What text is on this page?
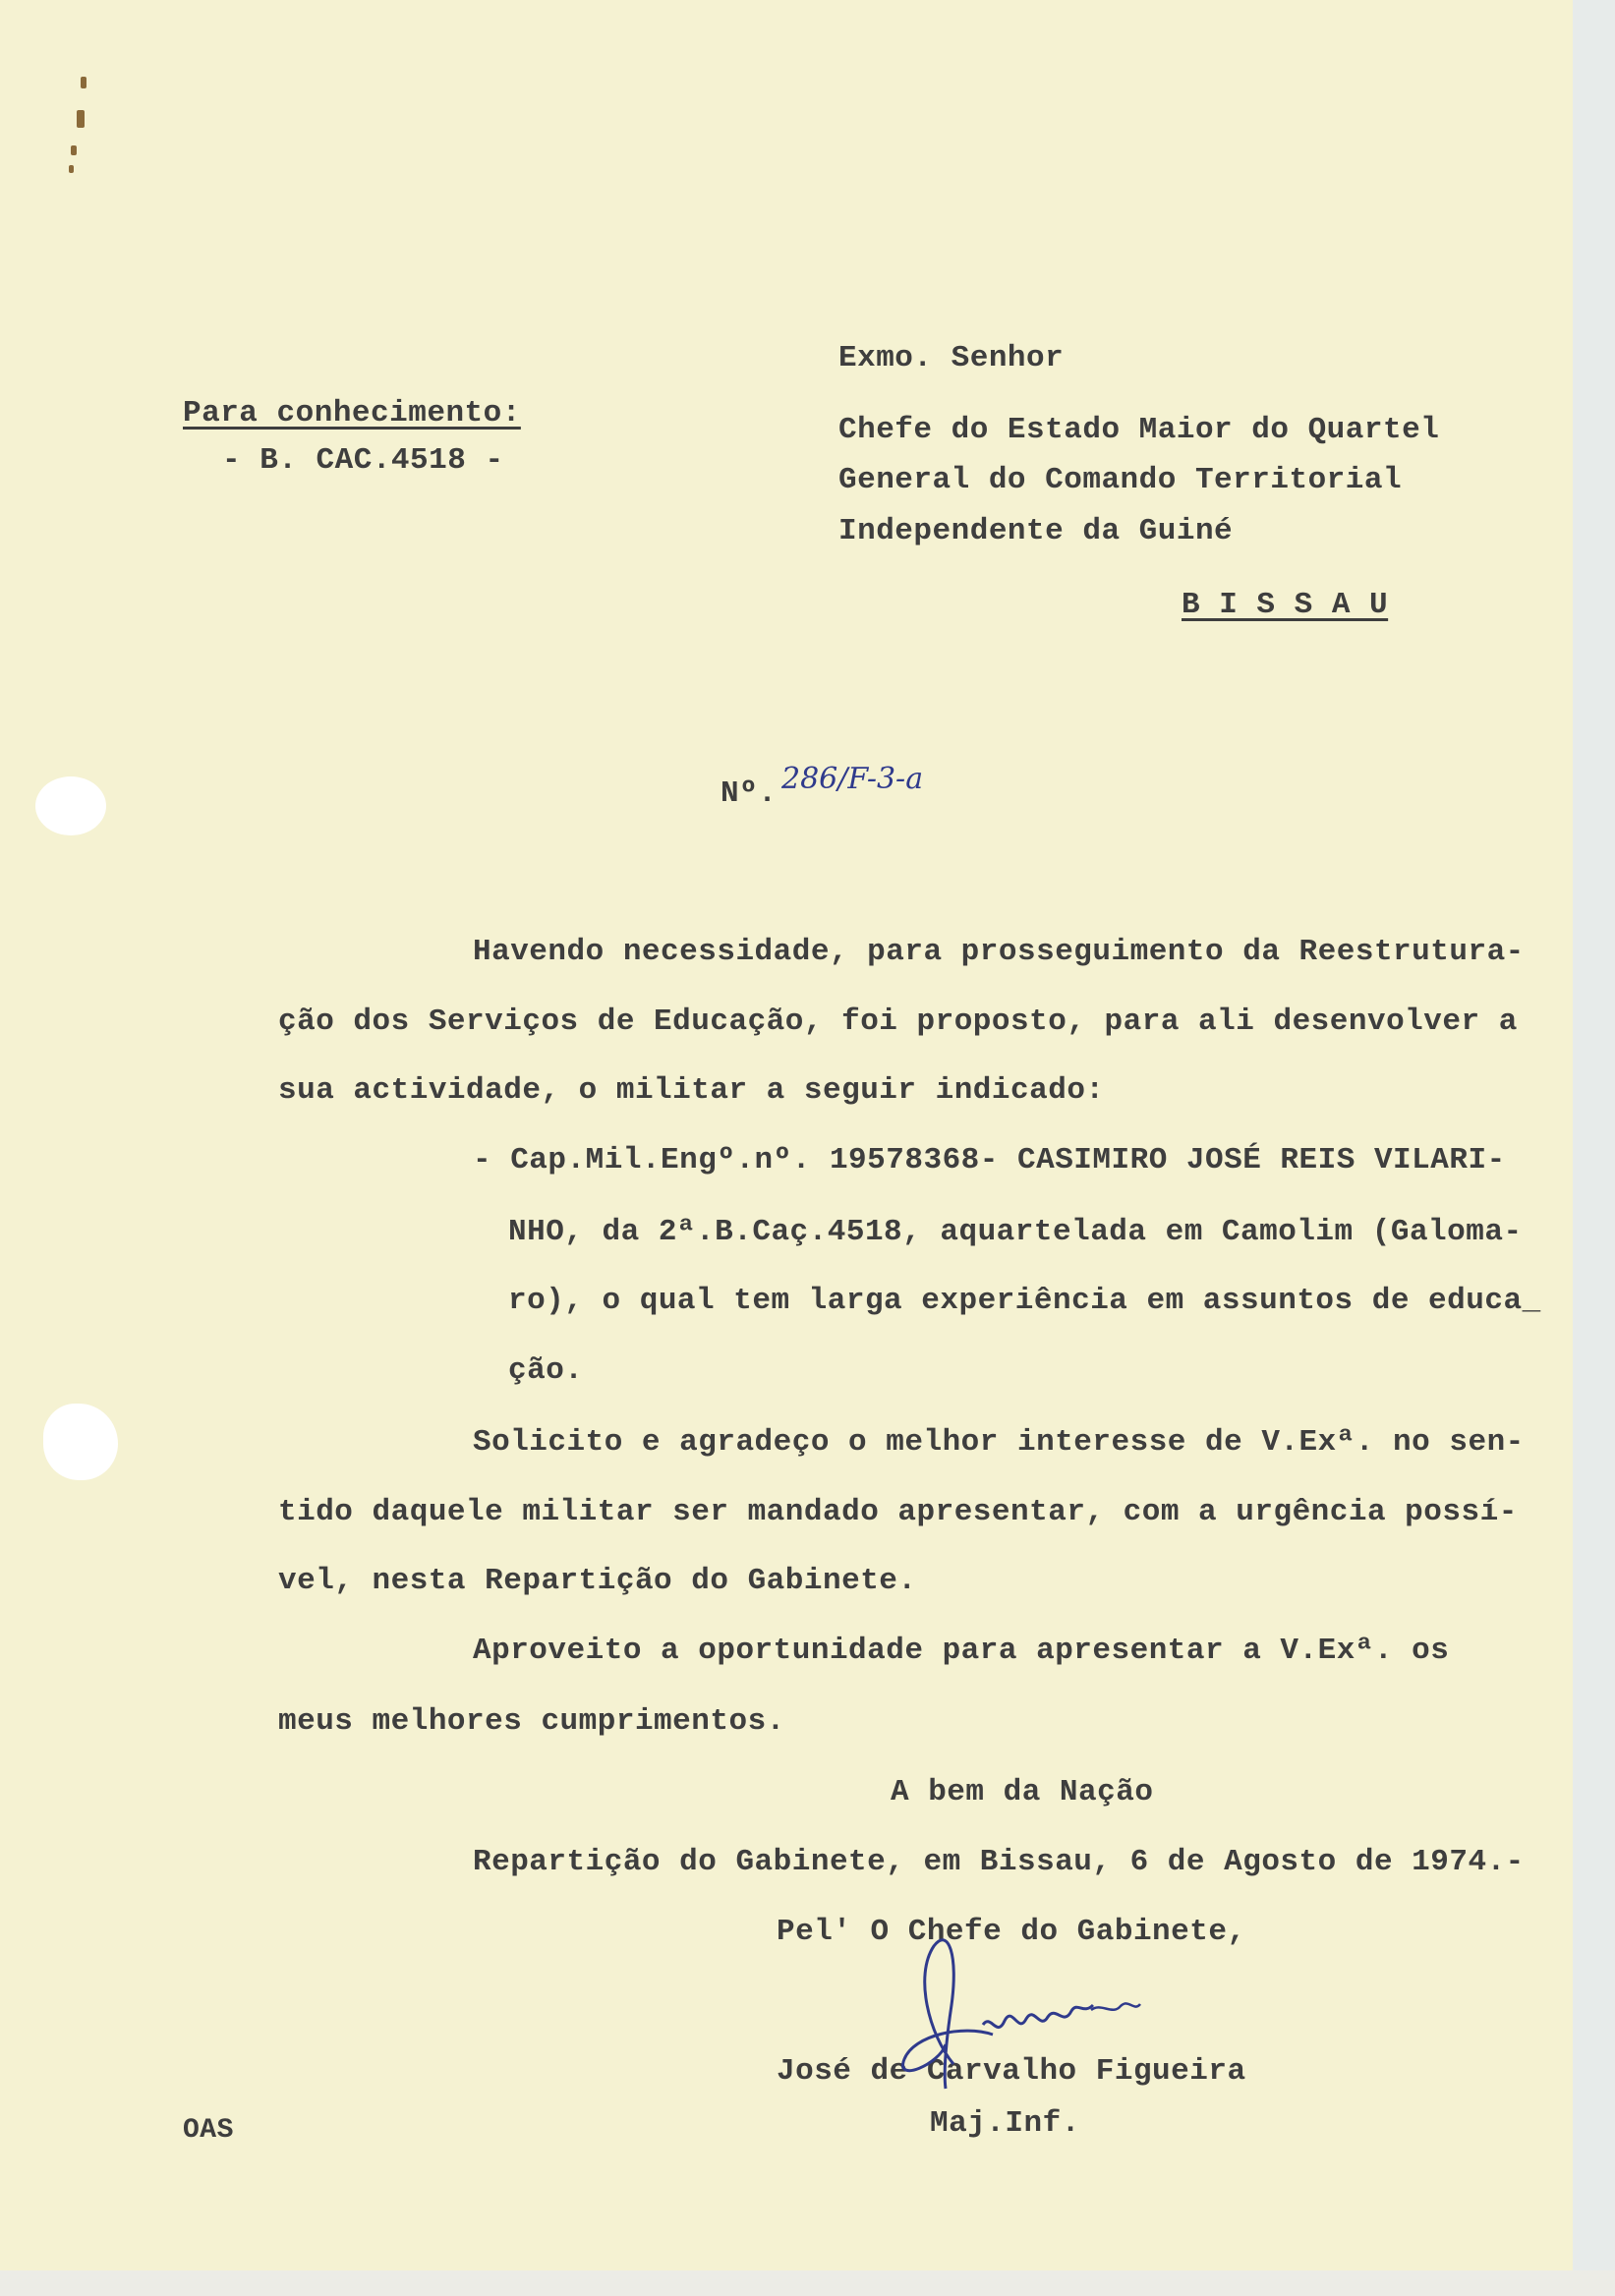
Para conhecimento:
- B. CAC.4518 -
Exmo. Senhor
Chefe do Estado Maior do Quartel
General do Comando Territorial
Independente da Guiné
B I S S A U
Nº. 286/F-3-a
Havendo necessidade, para prosseguimento da Reestrutura-
ção dos Serviços de Educação, foi proposto, para ali desenvolver a
sua actividade, o militar a seguir indicado:
- Cap.Mil.Engº.nº. 19578368- CASIMIRO JOSÉ REIS VILARI-
NHO, da 2ª.B.Caç.4518, aquartelada em Camolim (Galoma-
ro), o qual tem larga experiência em assuntos de educa_
ção.
Solicito e agradeço o melhor interesse de V.Exª. no sen-
tido daquele militar ser mandado apresentar, com a urgência possí-
vel, nesta Repartição do Gabinete.
Aproveito a oportunidade para apresentar a V.Exª. os
meus melhores cumprimentos.
A bem da Nação
Repartição do Gabinete, em Bissau, 6 de Agosto de 1974.-
Pel' O Chefe do Gabinete,
José de Carvalho Figueira
Maj.Inf.
OAS
